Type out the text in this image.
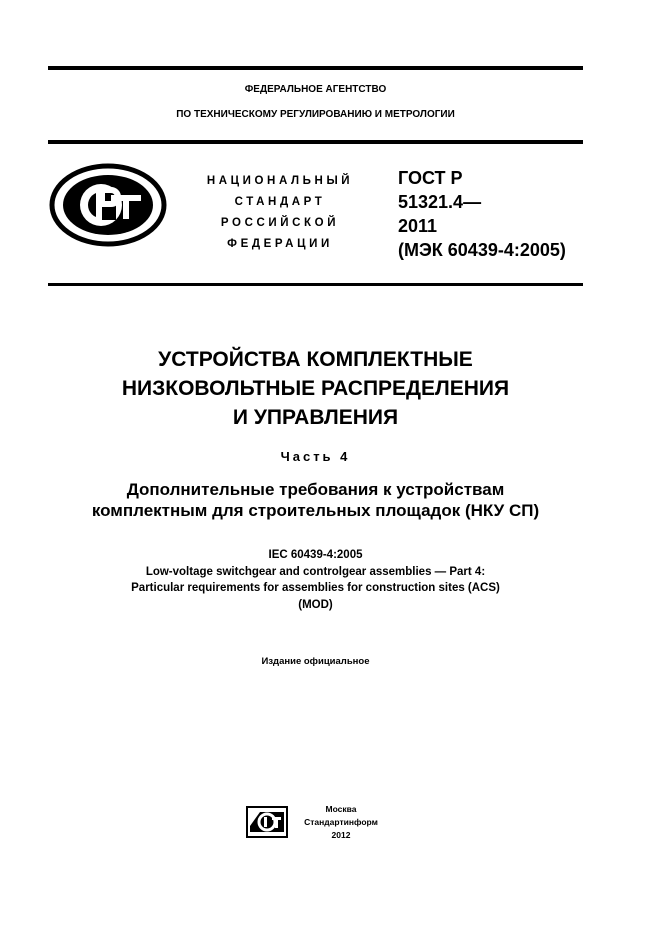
ФЕДЕРАЛЬНОЕ АГЕНТСТВО
ПО ТЕХНИЧЕСКОМУ РЕГУЛИРОВАНИЮ И МЕТРОЛОГИИ
НАЦИОНАЛЬНЫЙ
СТАНДАРТ
РОССИЙСКОЙ
ФЕДЕРАЦИИ
ГОСТ Р
51321.4—
2011
(МЭК 60439-4:2005)
УСТРОЙСТВА КОМПЛЕКТНЫЕ
НИЗКОВОЛЬТНЫЕ РАСПРЕДЕЛЕНИЯ
И УПРАВЛЕНИЯ
Часть 4
Дополнительные требования к устройствам
комплектным для строительных площадок (НКУ СП)
IEC 60439-4:2005
Low-voltage switchgear and controlgear assemblies — Part 4:
Particular requirements for assemblies for construction sites (ACS)
(MOD)
Издание официальное
Москва
Стандартинформ
2012
